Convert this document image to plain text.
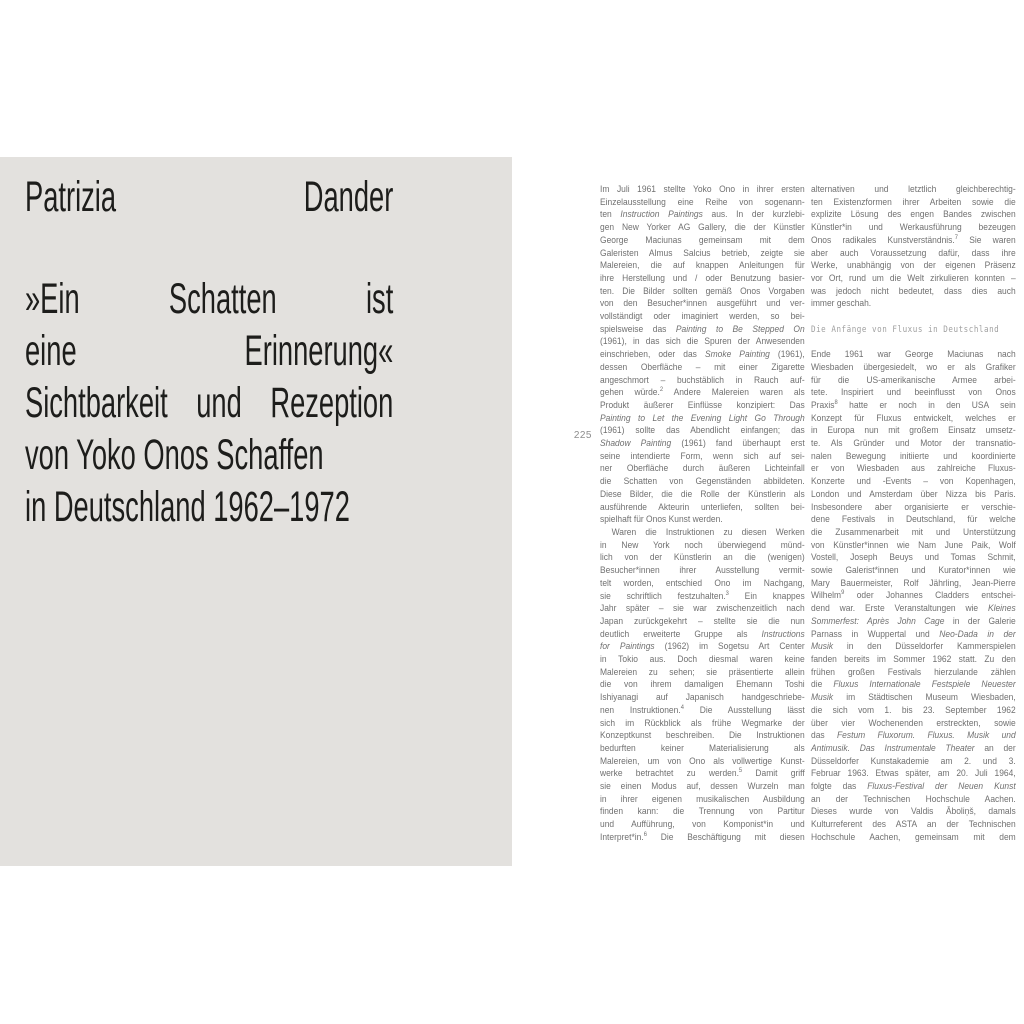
Patrizia Dander
»Ein Schatten ist
eine Erinnerung«
Sichtbarkeit und Rezeption
von Yoko Onos Schaffen
in Deutschland 1962–1972
225
Im Juli 1961 stellte Yoko Ono in ihrer ersten
Einzelausstellung eine Reihe von sogenann-
ten Instruction Paintings aus. In der kurzlebi-
gen New Yorker AG Gallery, die der Künstler
George Maciunas gemeinsam mit dem
Galeristen Almus Salcius betrieb, zeigte sie
Malereien, die auf knappen Anleitungen für
ihre Herstellung und / oder Benutzung basier-
ten. Die Bilder sollten gemäß Onos Vorgaben
von den Besucher*innen ausgeführt und ver-
vollständigt oder imaginiert werden, so bei-
spielsweise das Painting to Be Stepped On
(1961), in das sich die Spuren der Anwesenden
einschrieben, oder das Smoke Painting (1961),
dessen Oberfläche – mit einer Zigarette
angeschmort – buchstäblich in Rauch auf-
gehen würde.$^2$ Andere Malereien waren als
Produkt äußerer Einflüsse konzipiert: Das
Painting to Let the Evening Light Go Through
(1961) sollte das Abendlicht einfangen; das
Shadow Painting (1961) fand überhaupt erst
seine intendierte Form, wenn sich auf sei-
ner Oberfläche durch äußeren Lichteinfall
die Schatten von Gegenständen abbildeten.
Diese Bilder, die die Rolle der Künstlerin als
ausführende Akteurin unterliefen, sollten bei-
spielhaft für Onos Kunst werden.
Waren die Instruktionen zu diesen Werken
in New York noch überwiegend münd-
lich von der Künstlerin an die (wenigen)
Besucher*innen ihrer Ausstellung vermit-
telt worden, entschied Ono im Nachgang,
sie schriftlich festzuhalten.$^3$ Ein knappes
Jahr später – sie war zwischenzeitlich nach
Japan zurückgekehrt – stellte sie die nun
deutlich erweiterte Gruppe als Instructions
for Paintings (1962) im Sogetsu Art Center
in Tokio aus. Doch diesmal waren keine
Malereien zu sehen; sie präsentierte allein
die von ihrem damaligen Ehemann Toshi
Ishiyanagi auf Japanisch handgeschriebe-
nen Instruktionen.$^4$ Die Ausstellung lässt
sich im Rückblick als frühe Wegmarke der
Konzeptkunst beschreiben. Die Instruktionen
bedurften keiner Materialisierung als
Malereien, um von Ono als vollwertige Kunst-
werke betrachtet zu werden.$^5$ Damit griff
sie einen Modus auf, dessen Wurzeln man
in ihrer eigenen musikalischen Ausbildung
finden kann: die Trennung von Partitur
und Aufführung, von Komponist*in und
Interpret*in.$^6$ Die Beschäftigung mit diesen
alternativen und letztlich gleichberechtig-
ten Existenzformen ihrer Arbeiten sowie die
explizite Lösung des engen Bandes zwischen
Künstler*in und Werkausführung bezeugen
Onos radikales Kunstverständnis.$^7$ Sie waren
aber auch Voraussetzung dafür, dass ihre
Werke, unabhängig von der eigenen Präsenz
vor Ort, rund um die Welt zirkulieren konnten –
was jedoch nicht bedeutet, dass dies auch
immer geschah.
Die Anfänge von Fluxus in Deutschland
Ende 1961 war George Maciunas nach
Wiesbaden übergesiedelt, wo er als Grafiker
für die US-amerikanische Armee arbei-
tete. Inspiriert und beeinflusst von Onos
Praxis$^8$ hatte er noch in den USA sein
Konzept für Fluxus entwickelt, welches er
in Europa nun mit großem Einsatz umsetz-
te. Als Gründer und Motor der transnatio-
nalen Bewegung initiierte und koordinierte
er von Wiesbaden aus zahlreiche Fluxus-
Konzerte und -Events – von Kopenhagen,
London und Amsterdam über Nizza bis Paris.
Insbesondere aber organisierte er verschie-
dene Festivals in Deutschland, für welche
die Zusammenarbeit mit und Unterstützung
von Künstler*innen wie Nam June Paik, Wolf
Vostell, Joseph Beuys und Tomas Schmit,
sowie Galerist*innen und Kurator*innen wie
Mary Bauermeister, Rolf Jährling, Jean-Pierre
Wilhelm$^9$ oder Johannes Cladders entschei-
dend war. Erste Veranstaltungen wie Kleines
Sommerfest: Après John Cage in der Galerie
Parnass in Wuppertal und Neo-Dada in der
Musik in den Düsseldorfer Kammerspielen
fanden bereits im Sommer 1962 statt. Zu den
frühen großen Festivals hierzulande zählen
die Fluxus Internationale Festspiele Neuester
Musik im Städtischen Museum Wiesbaden,
die sich vom 1. bis 23. September 1962
über vier Wochenenden erstreckten, sowie
das Festum Fluxorum. Fluxus. Musik und
Antimusik. Das Instrumentale Theater an der
Düsseldorfer Kunstakademie am 2. und 3.
Februar 1963. Etwas später, am 20. Juli 1964,
folgte das Fluxus-Festival der Neuen Kunst
an der Technischen Hochschule Aachen.
Dieses wurde von Valdis Āboliņš, damals
Kulturreferent des ASTA an der Technischen
Hochschule Aachen, gemeinsam mit dem
